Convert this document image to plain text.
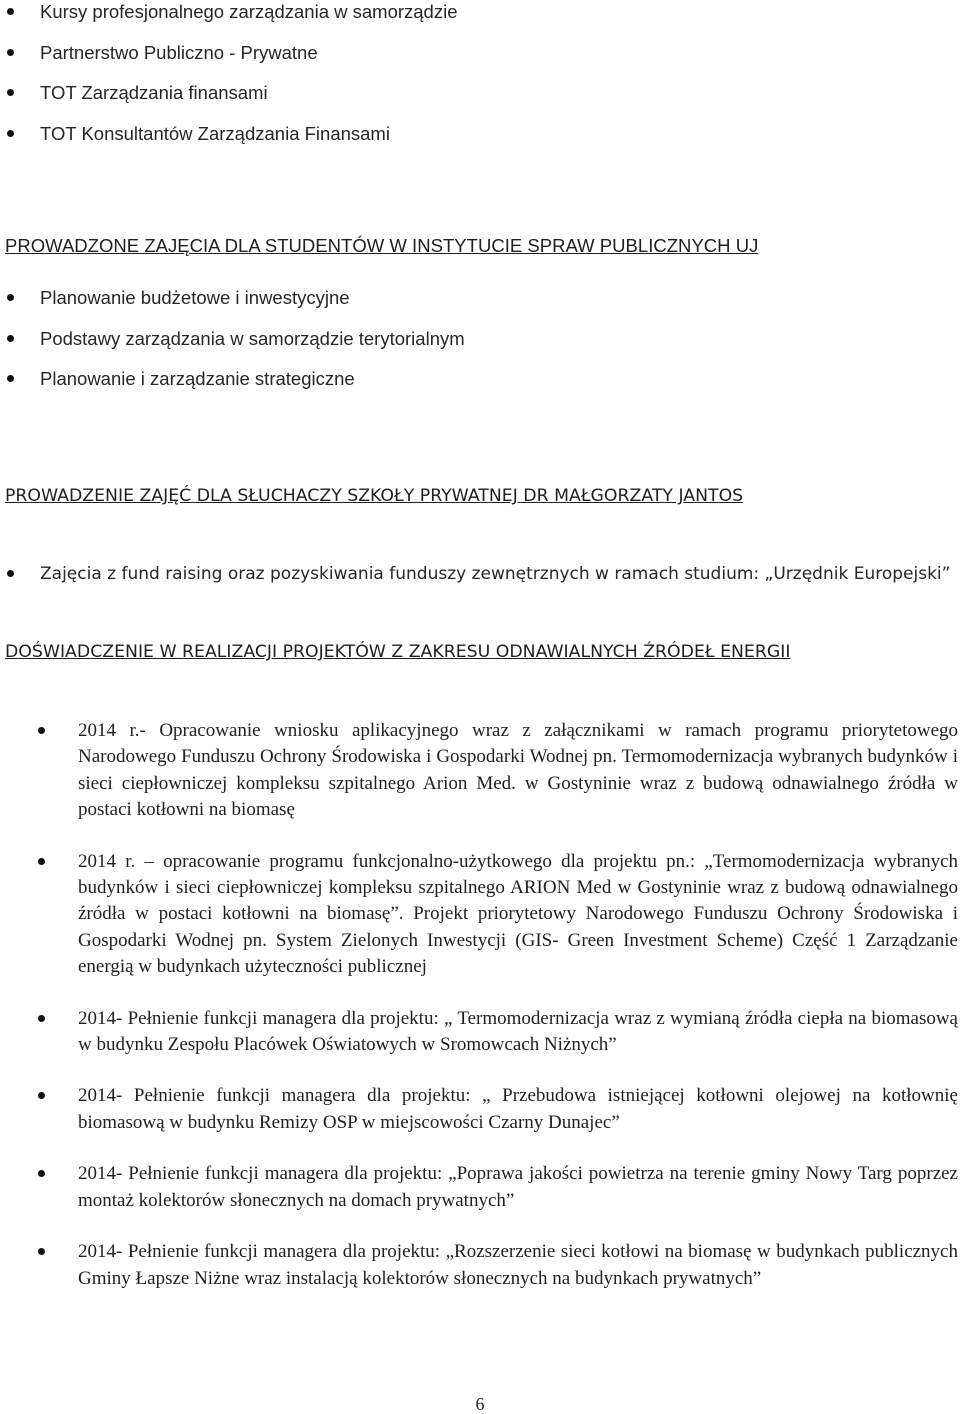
Kursy profesjonalnego zarządzania w samorządzie
Partnerstwo Publiczno - Prywatne
TOT Zarządzania finansami
TOT Konsultantów Zarządzania Finansami
PROWADZONE ZAJĘCIA DLA STUDENTÓW W INSTYTUCIE SPRAW PUBLICZNYCH UJ
Planowanie budżetowe i inwestycyjne
Podstawy zarządzania w samorządzie terytorialnym
Planowanie i zarządzanie strategiczne
PROWADZENIE ZAJĘĆ DLA SŁUCHACZY SZKOŁY PRYWATNEJ DR MAŁGORZATY JANTOS
Zajęcia z fund raising oraz pozyskiwania funduszy zewnętrznych w ramach studium: „Urzędnik Europejski”
DOŚWIADCZENIE W REALIZACJI PROJEKTÓW Z ZAKRESU ODNAWIALNYCH ŹRÓDEŁ ENERGII
2014 r.- Opracowanie wniosku aplikacyjnego wraz z załącznikami w ramach programu priorytetowego Narodowego Funduszu Ochrony Środowiska i Gospodarki Wodnej pn. Termomodernizacja wybranych budynków i sieci ciepłowniczej kompleksu szpitalnego Arion Med. w Gostyninie wraz z budową odnawialnego źródła w postaci kotłowni na biomasę
2014 r. – opracowanie programu funkcjonalno-użytkowego dla projektu pn.: „Termomodernizacja wybranych budynków i sieci ciepłowniczej kompleksu szpitalnego ARION Med w Gostyninie wraz z budową odnawialnego źródła w postaci kotłowni na biomasę”. Projekt priorytetowy Narodowego Funduszu Ochrony Środowiska i Gospodarki Wodnej pn. System Zielonych Inwestycji (GIS- Green Investment Scheme) Część 1 Zarządzanie energią w budynkach użyteczności publicznej
2014- Pełnienie funkcji managera dla projektu: „ Termomodernizacja wraz z wymianą źródła ciepła na biomasową w budynku Zespołu Placówek Oświatowych w Sromowcach Niżnych”
2014- Pełnienie funkcji managera dla projektu: „ Przebudowa istniejącej kotłowni olejowej na kotłownię biomasową w budynku Remizy OSP w miejscowości Czarny Dunajec”
2014- Pełnienie funkcji managera dla projektu: „Poprawa jakości powietrza na terenie gminy Nowy Targ poprzez montaż kolektorów słonecznych na domach prywatnych”
2014- Pełnienie funkcji managera dla projektu: „Rozszerzenie sieci kotłowi na biomasę w budynkach publicznych Gminy Łapsze Niżne wraz instalacją kolektorów słonecznych na budynkach prywatnych”
6
